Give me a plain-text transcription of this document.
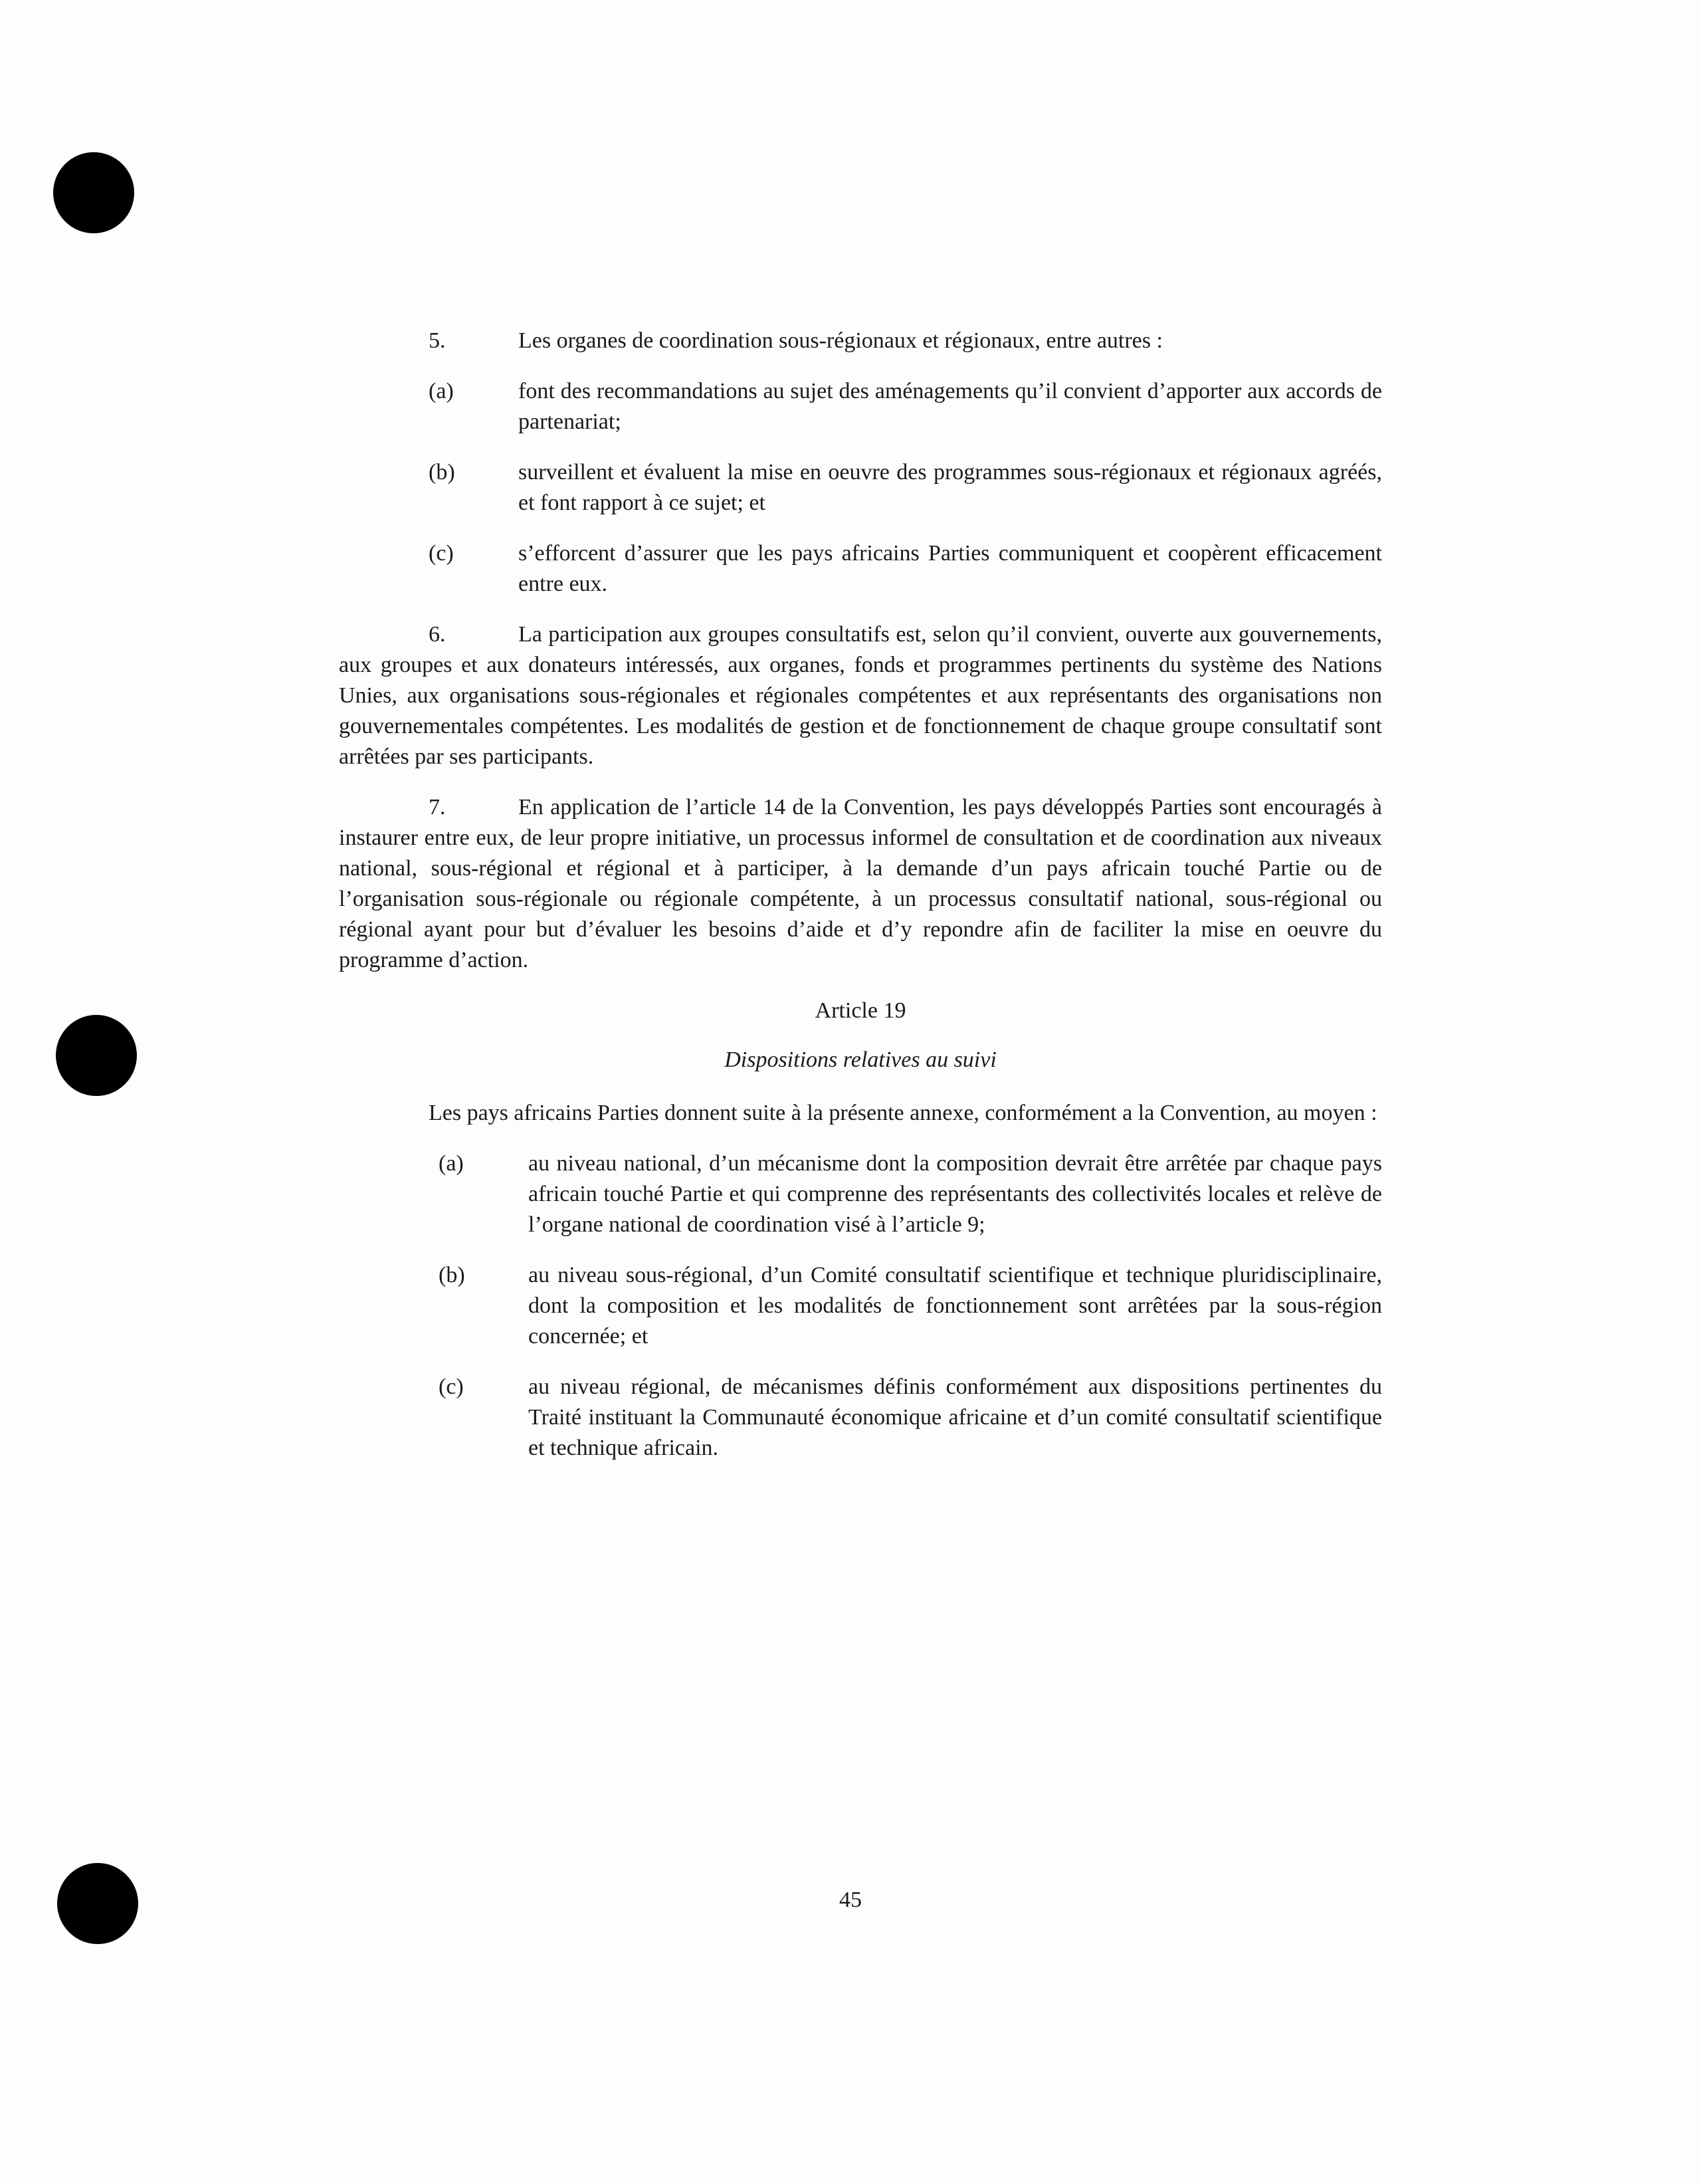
5.	Les organes de coordination sous-régionaux et régionaux, entre autres :
(a)	font des recommandations au sujet des aménagements qu’il convient d’apporter aux accords de partenariat;
(b)	surveillent et évaluent la mise en oeuvre des programmes sous-régionaux et régionaux agréés, et font rapport à ce sujet; et
(c)	s’efforcent d’assurer que les pays africains Parties communiquent et coopèrent efficacement entre eux.

6.	La participation aux groupes consultatifs est, selon qu’il convient, ouverte aux gouvernements, aux groupes et aux donateurs intéressés, aux organes, fonds et programmes pertinents du système des Nations Unies, aux organisations sous-régionales et régionales compétentes et aux représentants des organisations non gouvernementales compétentes. Les modalités de gestion et de fonctionnement de chaque groupe consultatif sont arrêtées par ses participants.

7.	En application de l’article 14 de la Convention, les pays développés Parties sont encouragés à instaurer entre eux, de leur propre initiative, un processus informel de consultation et de coordination aux niveaux national, sous-régional et régional et à participer, à la demande d’un pays africain touché Partie ou de l’organisation sous-régionale ou régionale compétente, à un processus consultatif national, sous-régional ou régional ayant pour but d’évaluer les besoins d’aide et d’y repondre afin de faciliter la mise en oeuvre du programme d’action.

Article 19
Dispositions relatives au suivi

Les pays africains Parties donnent suite à la présente annexe, conformément a la Convention, au moyen :

(a)	au niveau national, d’un mécanisme dont la composition devrait être arrêtée par chaque pays africain touché Partie et qui comprenne des représentants des collectivités locales et relève de l’organe national de coordination visé à l’article 9;
(b)	au niveau sous-régional, d’un Comité consultatif scientifique et technique pluridisciplinaire, dont la composition et les modalités de fonctionnement sont arrêtées par la sous-région concernée; et
(c)	au niveau régional, de mécanismes définis conformément aux dispositions pertinentes du Traité instituant la Communauté économique africaine et d’un comité consultatif scientifique et technique africain.
45
